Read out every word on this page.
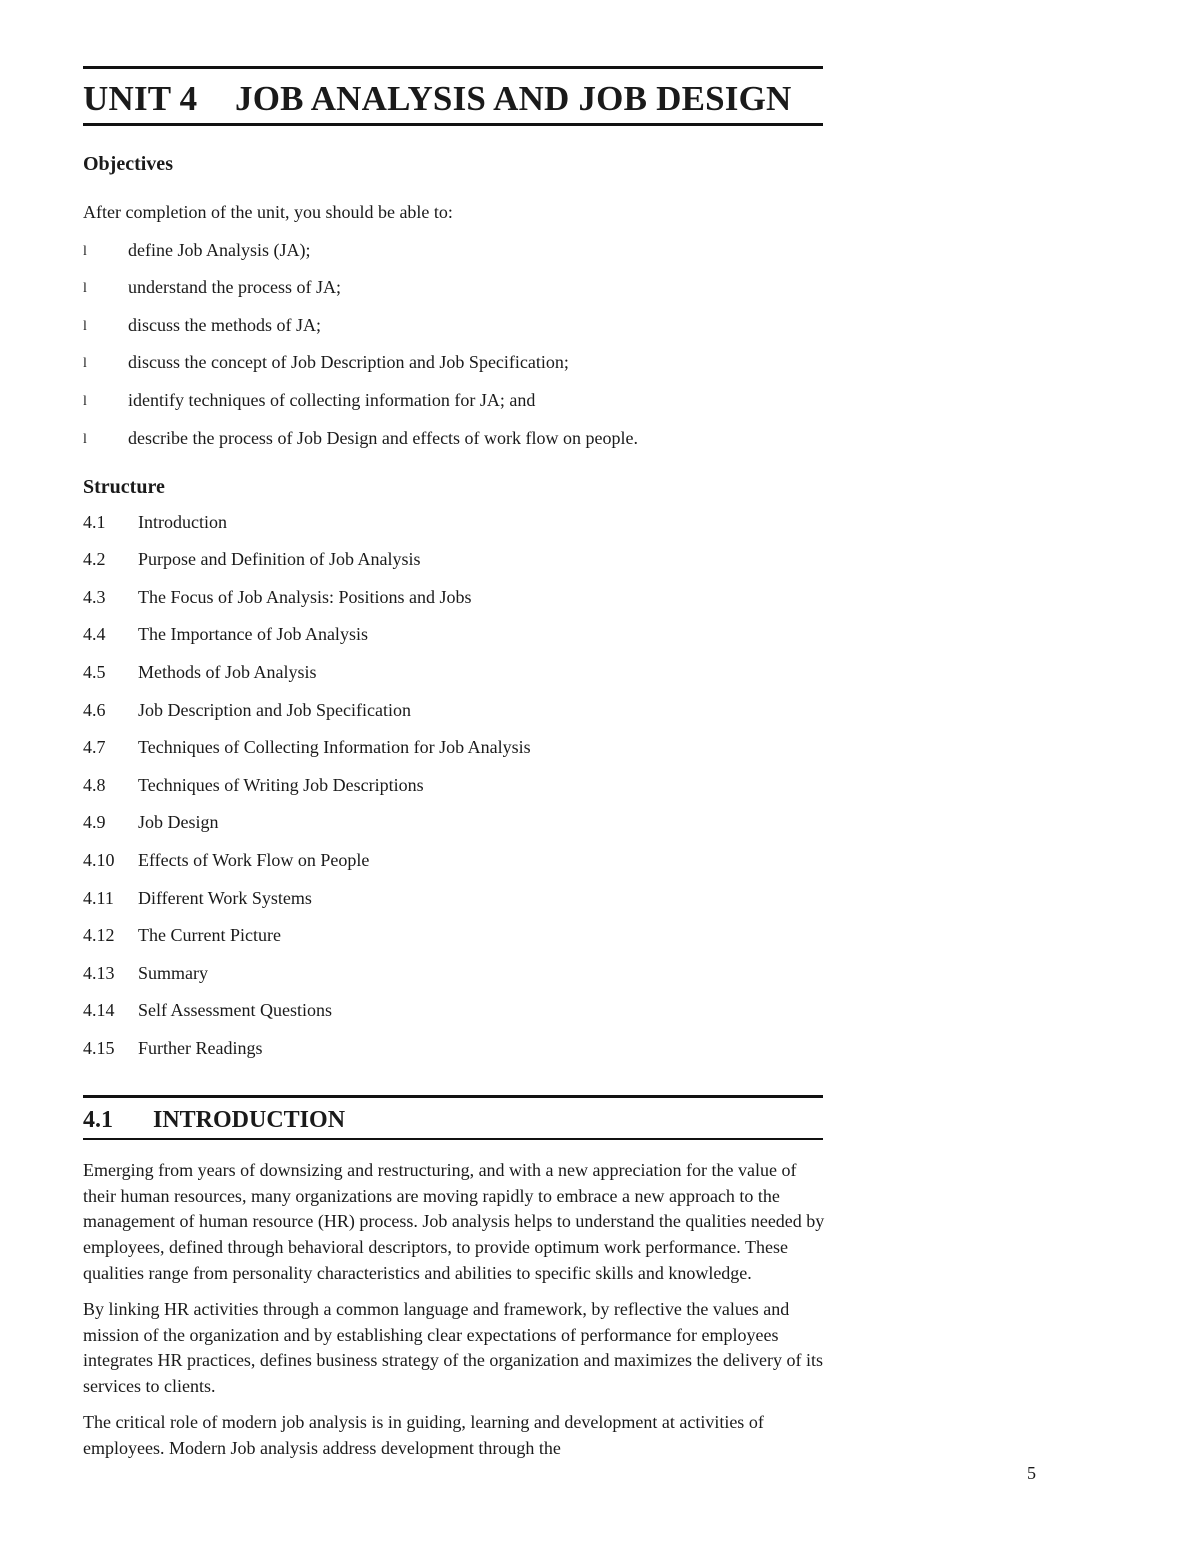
UNIT 4 JOB ANALYSIS AND JOB DESIGN
Objectives
After completion of the unit, you should be able to:
l define Job Analysis (JA);
l understand the process of JA;
l discuss the methods of JA;
l discuss the concept of Job Description and Job Specification;
l identify techniques of collecting information for JA; and
l describe the process of Job Design and effects of work flow on people.
Structure
4.1 Introduction
4.2 Purpose and Definition of Job Analysis
4.3 The Focus of Job Analysis: Positions and Jobs
4.4 The Importance of Job Analysis
4.5 Methods of Job Analysis
4.6 Job Description and Job Specification
4.7 Techniques of Collecting Information for Job Analysis
4.8 Techniques of Writing Job Descriptions
4.9 Job Design
4.10 Effects of Work Flow on People
4.11 Different Work Systems
4.12 The Current Picture
4.13 Summary
4.14 Self Assessment Questions
4.15 Further Readings
4.1 INTRODUCTION

Emerging from years of downsizing and restructuring, and with a new appreciation for the value of their human resources, many organizations are moving rapidly to embrace a new approach to the management of human resource (HR) process. Job analysis helps to understand the qualities needed by employees, defined through behavioral descriptors, to provide optimum work performance. These qualities range from personality characteristics and abilities to specific skills and knowledge.

By linking HR activities through a common language and framework, by reflective the values and mission of the organization and by establishing clear expectations of performance for employees integrates HR practices, defines business strategy of the organization and maximizes the delivery of its services to clients.

The critical role of modern job analysis is in guiding, learning and development at activities of employees. Modern Job analysis address development through the

5
